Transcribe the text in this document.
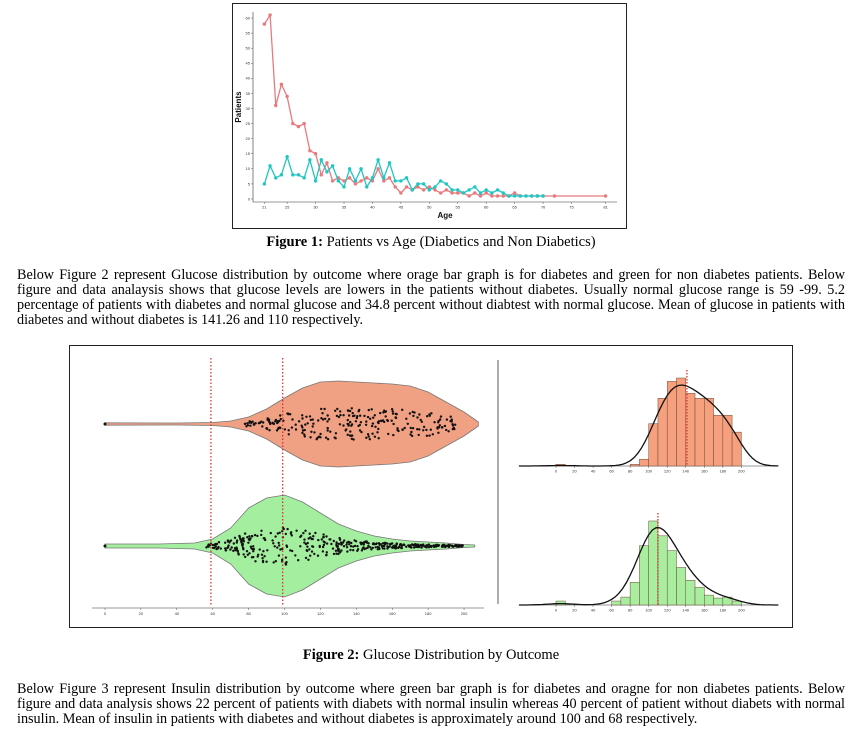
0
5
10
15
20
25
30
35
40
45
50
55
60
21	25	30	35	40	45	50	55	60	65	70	75	81
Age
Patients
Figure 1: Patients vs Age (Diabetics and Non Diabetics)
Below Figure 2 represent Glucose distribution by outcome where orage bar graph is for diabetes and green for non diabetes patients. Below figure and data analaysis shows that glucose levels are lowers in the patients without diabetes. Usually normal glucose range is 59 -99. 5.2 percentage of patients with diabetes and normal glucose and 34.8 percent without diabtest with normal glucose. Mean of glucose in patients with diabetes and without diabetes is 141.26 and 110 respectively.
0	20	40	60	80	100	120	140	160	180	200
0	20	40	60	80	100	120	140	160	180	200
0	20	40	60	80	100	120	140	160	180	200
Figure 2: Glucose Distribution by Outcome
Below Figure 3 represent Insulin distribution by outcome where green bar graph is for diabetes and oragne for non diabetes patients. Below figure and data analysis shows 22 percent of patients with diabets with normal insulin whereas 40 percent of patient without diabets with normal insulin. Mean of insulin in patients with diabetes and without diabetes is approximately around 100 and 68 respectively.
